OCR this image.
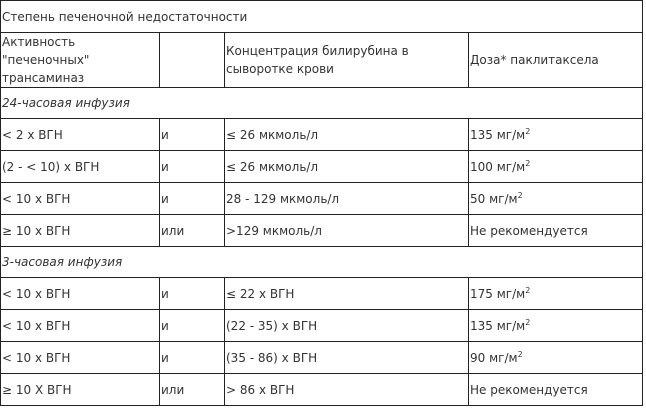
Степень печеночной недостаточности			
Активность "печеночных" трансаминаз		Концентрация билирубина в сыворотке крови	Доза* паклитаксела
24-часовая инфузия			
< 2 х ВГН	и	≤ 26 мкмоль/л	135 $мг/м^2$
(2 - < 10) х ВГН	и	≤ 26 мкмоль/л	100 $мг/м^2$
< 10 х ВГН	и	28 - 129 мкмоль/л	50 $мг/м^2$
≥ 10 х ВГН	или	>129 мкмоль/л	Не рекомендуется
3-часовая инфузия			
< 10 х ВГН	и	≤ 22 х ВГН	175 $мг/м^2$
< 10 х ВГН	и	(22 - 35) х ВГН	135 $мг/м^2$
< 10 х ВГН	и	(35 - 86) х ВГН	90 $мг/м^2$
≥ 10 Х ВГН	или	> 86 х ВГН	Не рекомендуется
